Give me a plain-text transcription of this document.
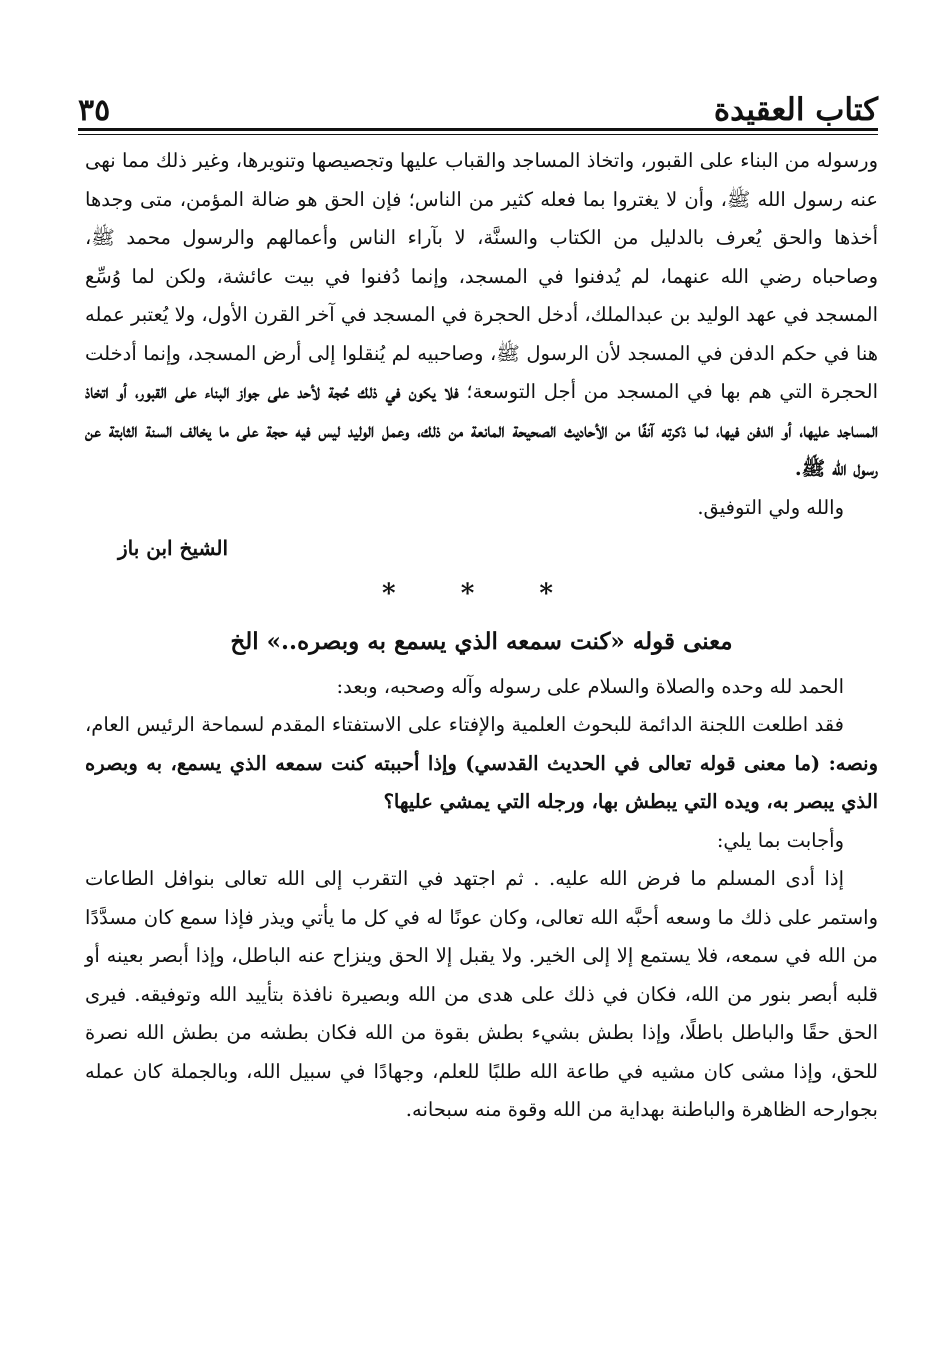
كتاب العقيدة
٣٥

ورسوله من البناء على القبور، واتخاذ المساجد والقباب عليها وتجصيصها وتنويرها، وغير ذلك مما نهى عنه رسول الله ﷺ، وأن لا يغتروا بما فعله كثير من الناس؛ فإن الحق هو ضالة المؤمن، متى وجدها أخذها والحق يُعرف بالدليل من الكتاب والسنَّة، لا بآراء الناس وأعمالهم والرسول محمد ﷺ، وصاحباه رضي الله عنهما، لم يُدفنوا في المسجد، وإنما دُفنوا في بيت عائشة، ولكن لما وُسِّع المسجد في عهد الوليد بن عبدالملك، أدخل الحجرة في المسجد في آخر القرن الأول، ولا يُعتبر عمله هنا في حكم الدفن في المسجد لأن الرسول ﷺ، وصاحبيه لم يُنقلوا إلى أرض المسجد، وإنما أدخلت الحجرة التي هم بها في المسجد من أجل التوسعة؛ فلا يكون في ذلك حُجة لأحد على جواز البناء على القبور، أو اتخاذ المساجد عليها، أو الدفن فيها، لما ذكرته آنفًا من الأحاديث الصحيحة المانعة من ذلك، وعمل الوليد ليس فيه حجة على ما يخالف السنة الثابتة عن رسول الله ﷺ.

والله ولي التوفيق.

الشيخ ابن باز

* * *
معنى قوله «كنت سمعه الذي يسمع به وبصره..» الخ

الحمد لله وحده والصلاة والسلام على رسوله وآله وصحبه، وبعد:

فقد اطلعت اللجنة الدائمة للبحوث العلمية والإفتاء على الاستفتاء المقدم لسماحة الرئيس العام، ونصه: (ما معنى قوله تعالى في الحديث القدسي) وإذا أحببته كنت سمعه الذي يسمع، به وبصره الذي يبصر به، ويده التي يبطش بها، ورجله التي يمشي عليها؟

وأجابت بما يلي:

إذا أدى المسلم ما فرض الله عليه. . ثم اجتهد في التقرب إلى الله تعالى بنوافل الطاعات واستمر على ذلك ما وسعه أحبَّه الله تعالى، وكان عونًا له في كل ما يأتي ويذر فإذا سمع كان مسدَّدًا من الله في سمعه، فلا يستمع إلا إلى الخير. ولا يقبل إلا الحق وينزاح عنه الباطل، وإذا أبصر بعينه أو قلبه أبصر بنور من الله، فكان في ذلك على هدى من الله وبصيرة نافذة بتأييد الله وتوفيقه. فيرى الحق حقًا والباطل باطلًا، وإذا بطش بشيء بطش بقوة من الله فكان بطشه من بطش الله نصرة للحق، وإذا مشى كان مشيه في طاعة الله طلبًا للعلم، وجهادًا في سبيل الله، وبالجملة كان عمله بجوارحه الظاهرة والباطنة بهداية من الله وقوة منه سبحانه.
